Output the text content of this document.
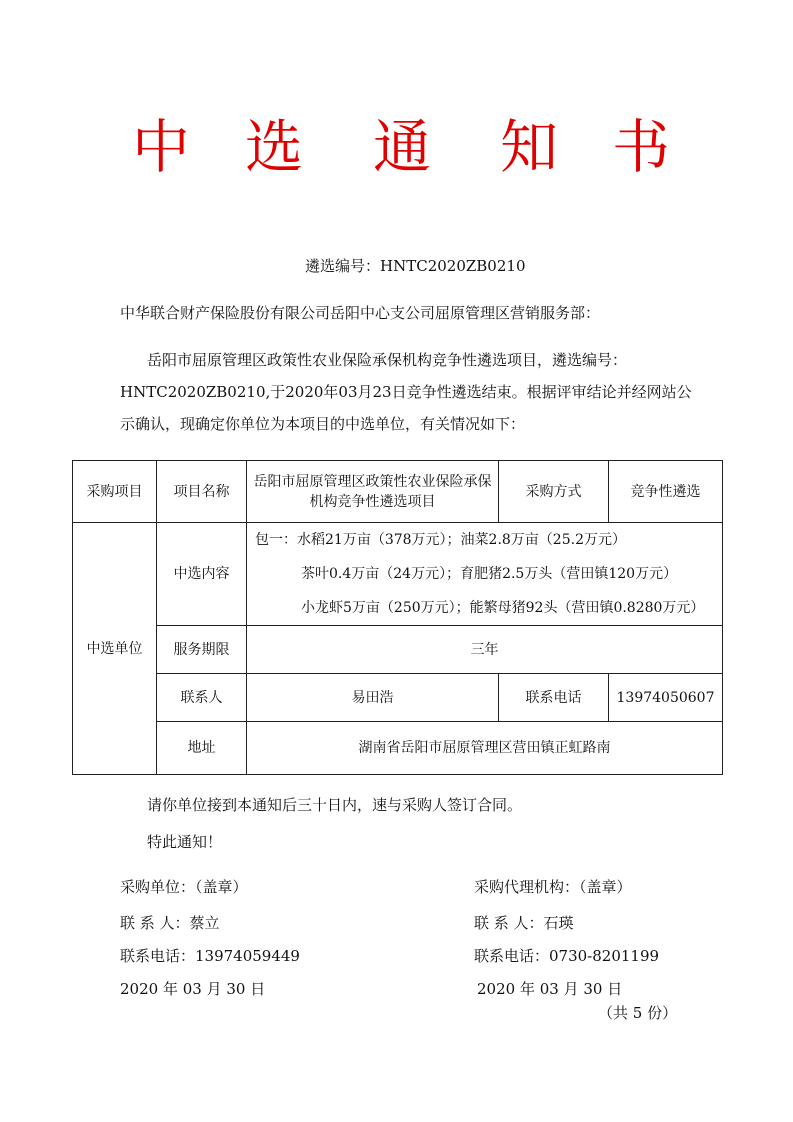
中 选 通 知 书
遴选编号：HNTC2020ZB0210
中华联合财产保险股份有限公司岳阳中心支公司屈原管理区营销服务部：
岳阳市屈原管理区政策性农业保险承保机构竞争性遴选项目，遴选编号：
HNTC2020ZB0210,于2020年03月23日竞争性遴选结束。根据评审结论并经网站公
示确认，现确定你单位为本项目的中选单位，有关情况如下：
采购项目	项目名称	岳阳市屈原管理区政策性农业保险承保机构竞争性遴选项目	采购方式	竞争性遴选
中选单位	中选内容	包一：水稻21万亩（378万元）；油菜2.8万亩（25.2万元）
茶叶0.4万亩（24万元）；育肥猪2.5万头（营田镇120万元）
小龙虾5万亩（250万元）；能繁母猪92头（营田镇0.8280万元）		

	服务期限	三年		
	联系人	易田浩	联系电话	13974050607
	地址	湖南省岳阳市屈原管理区营田镇正虹路南		
请你单位接到本通知后三十日内，速与采购人签订合同。
特此通知！
采购单位：（盖章）
联 系 人：蔡立
联系电话：13974059449
2020 年 03 月 30 日
采购代理机构：（盖章）
联 系 人：石瑛
联系电话：0730-8201199
2020 年 03 月 30 日
（共 5 份）
